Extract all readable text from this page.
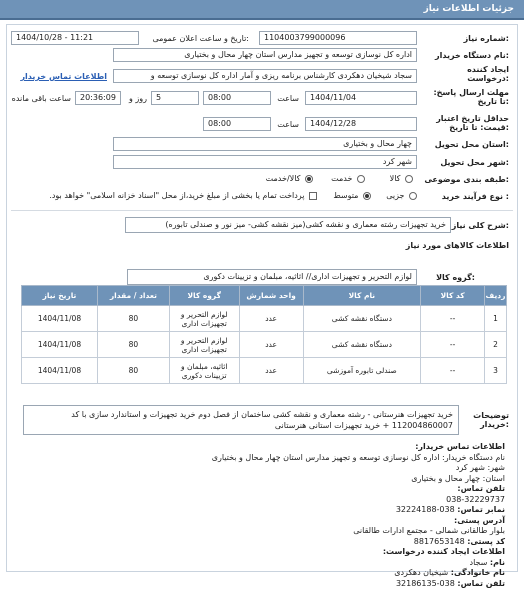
جزئیات اطلاعات نیاز
شماره نیاز:
1104003799000096
تاریخ و ساعت اعلان عمومی:
1404/10/28 - 11:21
نام دستگاه خریدار:
اداره کل نوسازی توسعه و تجهیز مدارس استان چهار محال و بختیاری
ایجاد کننده درخواست:
سجاد شیخیان دهکردی کارشناس برنامه ریزی و آمار اداره کل نوسازی توسعه و
اطلاعات تماس خریدار
مهلت ارسال پاسخ: تا تاریخ:
1404/11/04
ساعت
08:00
5
روز و
20:36:09
ساعت باقی مانده
حداقل تاریخ اعتبار قیمت: تا تاریخ:
1404/12/28
ساعت
08:00
استان محل تحویل:
چهار محال و بختیاری
شهر محل تحویل:
شهر کرد
طبقه بندی موضوعی:
کالا
خدمت
کالا/خدمت
نوع فرآیند خرید :
جزیی
متوسط
پرداخت تمام یا بخشی از مبلغ خرید،از محل "اسناد خزانه اسلامی" خواهد بود.
شرح کلی نیاز:
خرید تجهیزات رشته معماری و نقشه کشی(میز نقشه کشی- میز نور و صندلی تابوره)
اطلاعات کالاهای مورد نیاز
گروه کالا:
لوازم التحریر و تجهیزات اداری// اثاثیه، مبلمان و تزیینات دکوری
ردیف	کد کالا	نام کالا	واحد شمارش	گروه کالا	تعداد / مقدار	تاریخ نیاز
1	--	دستگاه نقشه کشی	عدد	لوازم التحریر و تجهیزات اداری	80	1404/11/08
2	--	دستگاه نقشه کشی	عدد	لوازم التحریر و تجهیزات اداری	80	1404/11/08
3	--	صندلی تابوره آموزشی	عدد	اثاثیه، مبلمان و تزیینات دکوری	80	1404/11/08
توضیحات خریدار:
خرید تجهیزات هنرستانی - رشته معماری و نقشه کشی ساختمان از فصل دوم خرید تجهیزات و استاندارد سازی با کد 112004860007 + خرید تجهیزات استانی هنرستانی
اطلاعات تماس خریدار:
نام دستگاه خریدار: اداره کل نوسازی توسعه و تجهیز مدارس استان چهار محال و بختیاری
شهر: شهر کرد
استان: چهار محال و بختیاری
تلفن تماس:
038-32229737
نمابر تماس: 038-32224188
آدرس پستی:
بلوار طالقانی شمالی - مجتمع ادارات طالقانی
کد پستی: 8817653148
اطلاعات ایجاد کننده درخواست:
نام: سجاد
نام خانوادگی: شیخیان دهکردی
تلفن تماس: 038-32186135
